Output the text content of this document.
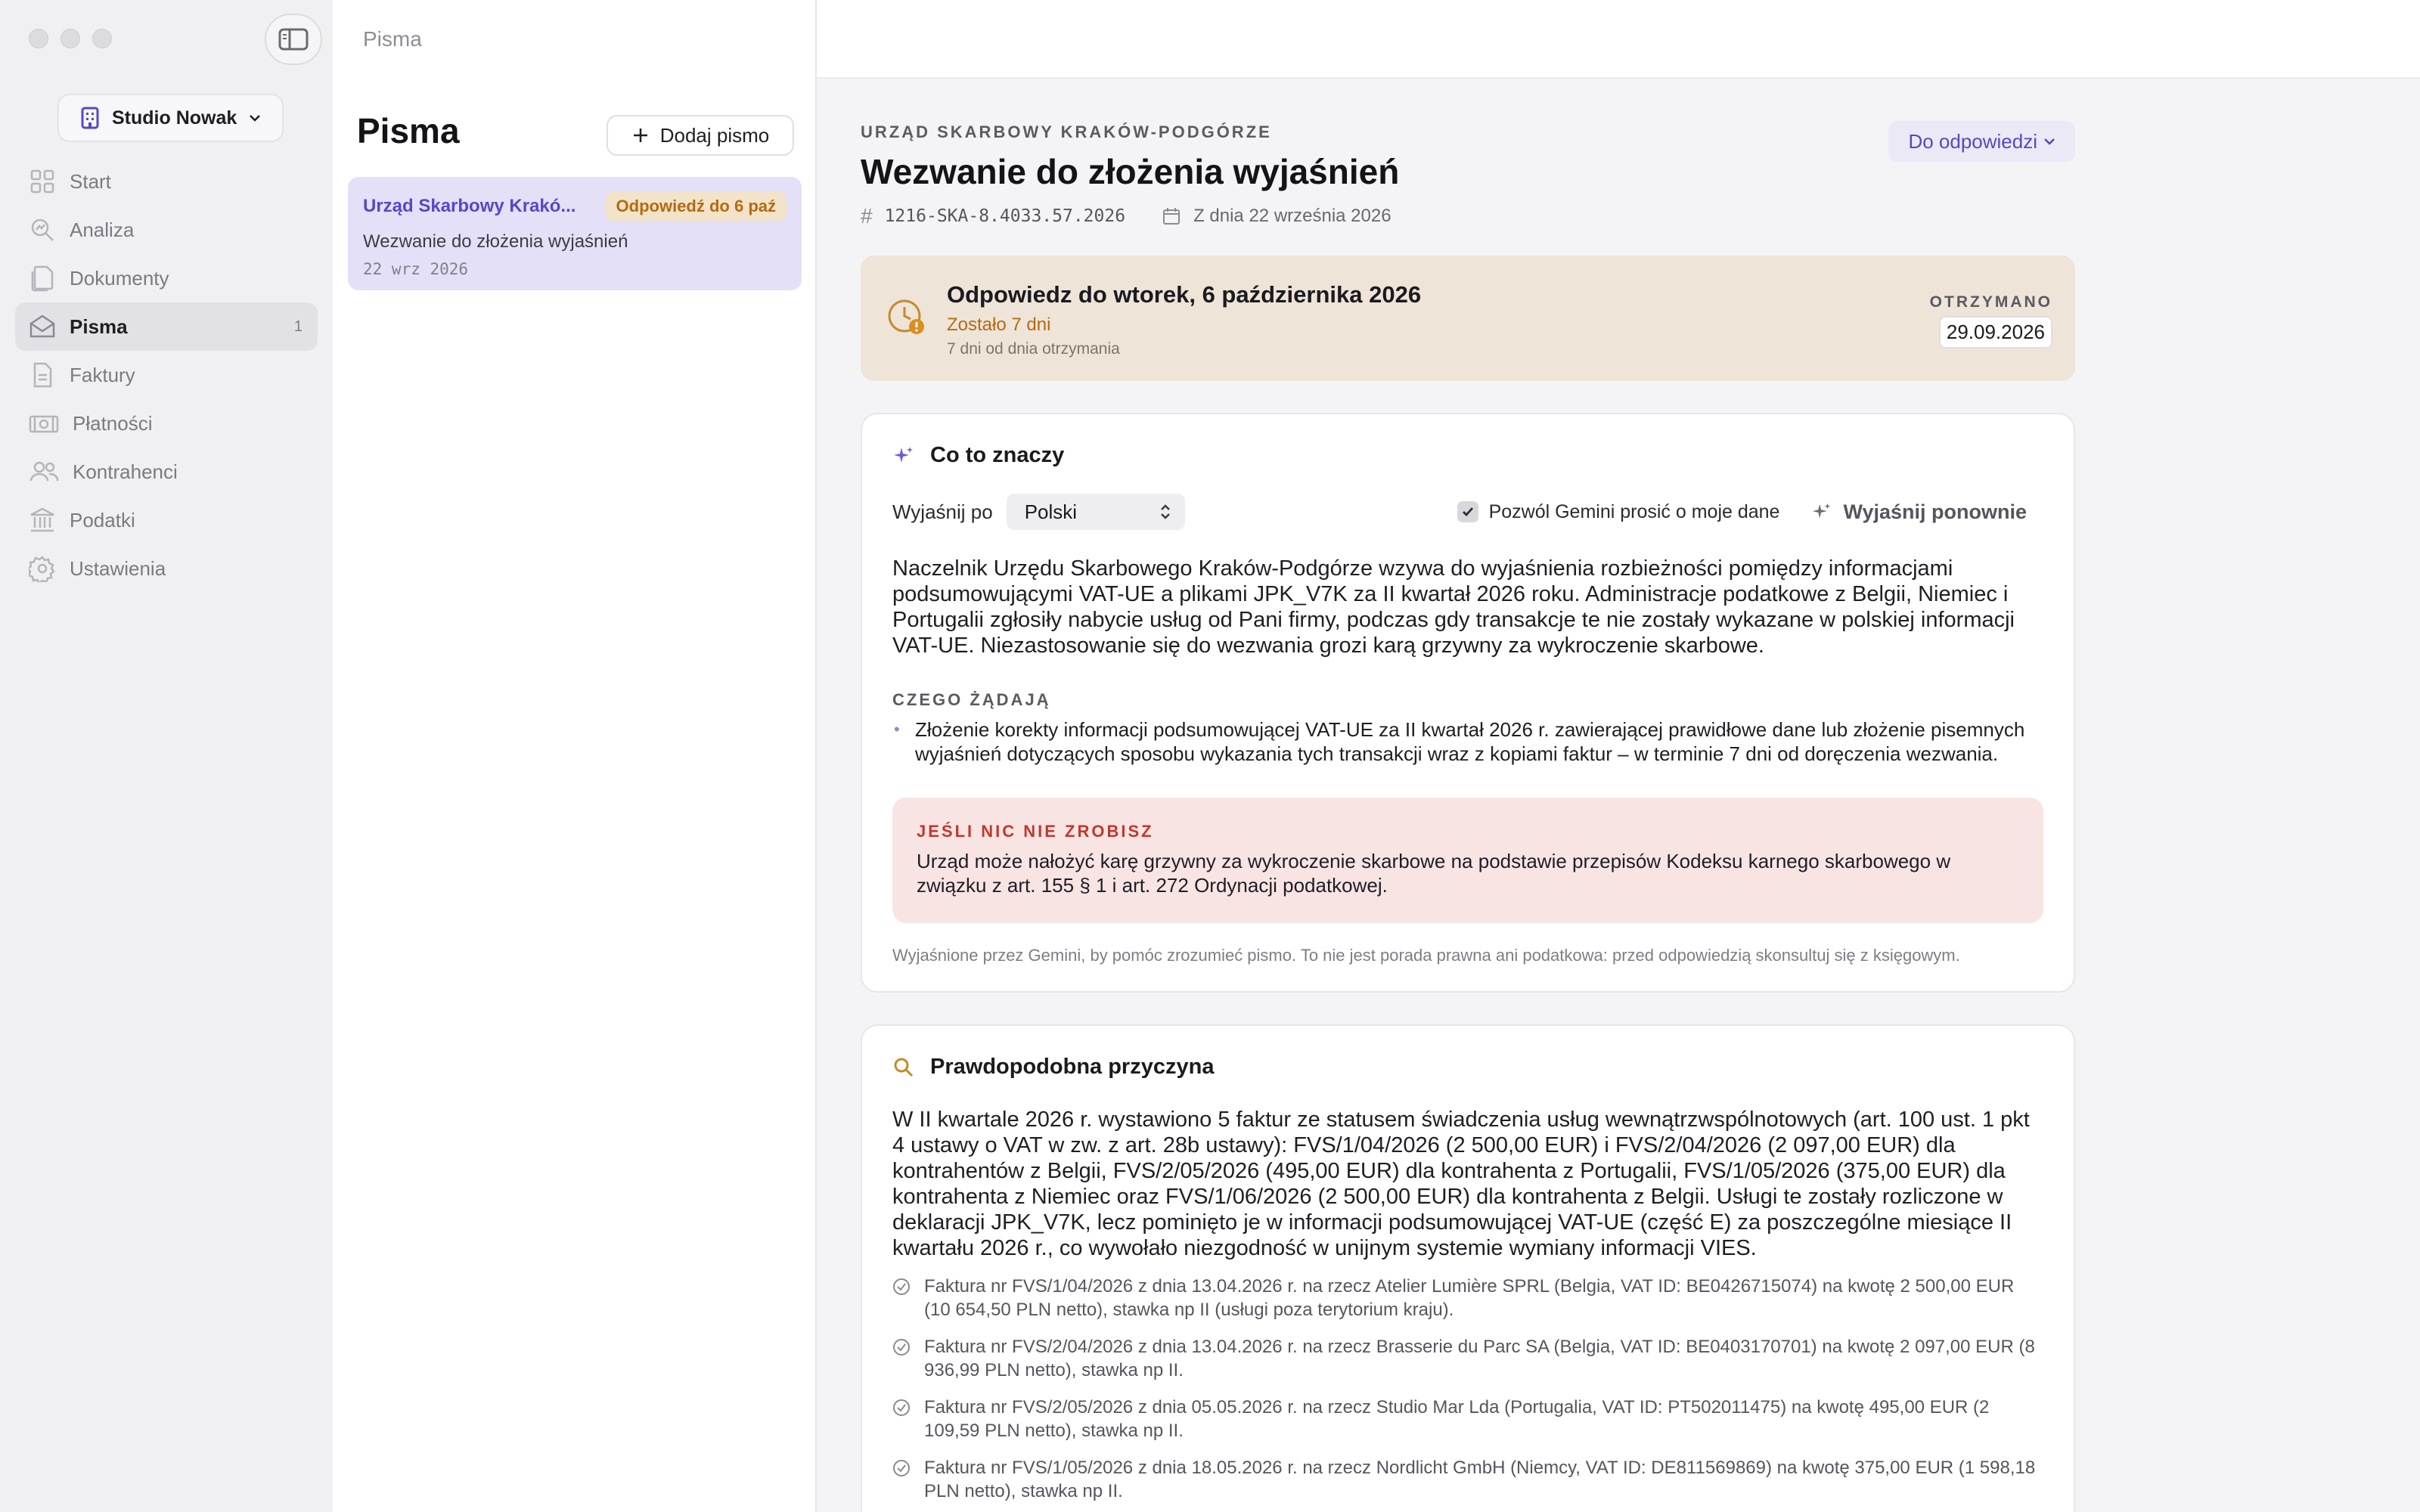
Studio Nowak
Start
Analiza
Dokumenty
Pisma	1
Faktury
Płatności
Kontrahenci
Podatki
Ustawienia
Pisma
Pisma	Dodaj pismo
Urząd Skarbowy Krakó...	Odpowiedź do 6 paź
Wezwanie do złożenia wyjaśnień
22 wrz 2026
Do odpowiedzi
URZĄD SKARBOWY KRAKÓW-PODGÓRZE
Wezwanie do złożenia wyjaśnień
# 1216-SKA-8.4033.57.2026	Z dnia 22 września 2026
Odpowiedz do wtorek, 6 października 2026
Zostało 7 dni
7 dni od dnia otrzymania
OTRZYMANO
29.09.2026
Co to znaczy
Wyjaśnij po Polski	Pozwól Gemini prosić o moje dane	Wyjaśnij ponownie

Naczelnik Urzędu Skarbowego Kraków-Podgórze wzywa do wyjaśnienia rozbieżności pomiędzy informacjami podsumowującymi VAT-UE a plikami JPK_V7K za II kwartał 2026 roku. Administracje podatkowe z Belgii, Niemiec i Portugalii zgłosiły nabycie usług od Pani firmy, podczas gdy transakcje te nie zostały wykazane w polskiej informacji VAT-UE. Niezastosowanie się do wezwania grozi karą grzywny za wykroczenie skarbowe.

CZEGO ŻĄDAJĄ
• Złożenie korekty informacji podsumowującej VAT-UE za II kwartał 2026 r. zawierającej prawidłowe dane lub złożenie pisemnych wyjaśnień dotyczących sposobu wykazania tych transakcji wraz z kopiami faktur – w terminie 7 dni od doręczenia wezwania.
JEŚLI NIC NIE ZROBISZ
Urząd może nałożyć karę grzywny za wykroczenie skarbowe na podstawie przepisów Kodeksu karnego skarbowego w związku z art. 155 § 1 i art. 272 Ordynacji podatkowej.
Wyjaśnione przez Gemini, by pomóc zrozumieć pismo. To nie jest porada prawna ani podatkowa: przed odpowiedzią skonsultuj się z księgowym.
Prawdopodobna przyczyna

W II kwartale 2026 r. wystawiono 5 faktur ze statusem świadczenia usług wewnątrzwspólnotowych (art. 100 ust. 1 pkt 4 ustawy o VAT w zw. z art. 28b ustawy): FVS/1/04/2026 (2 500,00 EUR) i FVS/2/04/2026 (2 097,00 EUR) dla kontrahentów z Belgii, FVS/2/05/2026 (495,00 EUR) dla kontrahenta z Portugalii, FVS/1/05/2026 (375,00 EUR) dla kontrahenta z Niemiec oraz FVS/1/06/2026 (2 500,00 EUR) dla kontrahenta z Belgii. Usługi te zostały rozliczone w deklaracji JPK_V7K, lecz pominięto je w informacji podsumowującej VAT-UE (część E) za poszczególne miesiące II kwartału 2026 r., co wywołało niezgodność w unijnym systemie wymiany informacji VIES.

Faktura nr FVS/1/04/2026 z dnia 13.04.2026 r. na rzecz Atelier Lumière SPRL (Belgia, VAT ID: BE0426715074) na kwotę 2 500,00 EUR (10 654,50 PLN netto), stawka np II (usługi poza terytorium kraju).
Faktura nr FVS/2/04/2026 z dnia 13.04.2026 r. na rzecz Brasserie du Parc SA (Belgia, VAT ID: BE0403170701) na kwotę 2 097,00 EUR (8 936,99 PLN netto), stawka np II.
Faktura nr FVS/2/05/2026 z dnia 05.05.2026 r. na rzecz Studio Mar Lda (Portugalia, VAT ID: PT502011475) na kwotę 495,00 EUR (2 109,59 PLN netto), stawka np II.
Faktura nr FVS/1/05/2026 z dnia 18.05.2026 r. na rzecz Nordlicht GmbH (Niemcy, VAT ID: DE811569869) na kwotę 375,00 EUR (1 598,18 PLN netto), stawka np II.
